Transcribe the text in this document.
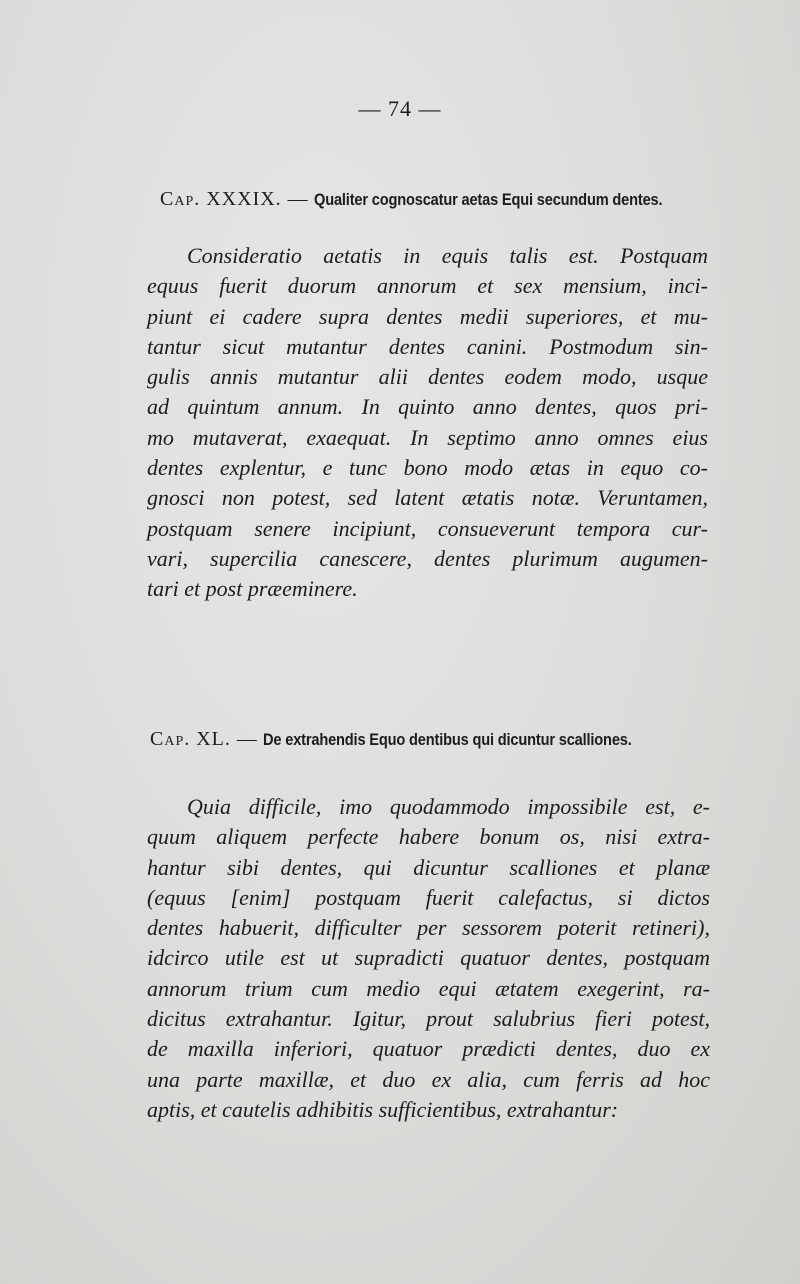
— 74 —
Cap. XXXIX. — Qualiter cognoscatur aetas Equi secundum dentes.
Consideratio aetatis in equis talis est. Postquam
equus fuerit duorum annorum et sex mensium, inci-
piunt ei cadere supra dentes medii superiores, et mu-
tantur sicut mutantur dentes canini. Postmodum sin-
gulis annis mutantur alii dentes eodem modo, usque
ad quintum annum. In quinto anno dentes, quos pri-
mo mutaverat, exaequat. In septimo anno omnes eius
dentes explentur, e tunc bono modo ætas in equo co-
gnosci non potest, sed latent ætatis notæ. Veruntamen,
postquam senere incipiunt, consueverunt tempora cur-
vari, supercilia canescere, dentes plurimum augumen-
tari et post præeminere.
Cap. XL. — De extrahendis Equo dentibus qui dicuntur scalliones.
Quia difficile, imo quodammodo impossibile est, e-
quum aliquem perfecte habere bonum os, nisi extra-
hantur sibi dentes, qui dicuntur scalliones et planæ
(equus [enim] postquam fuerit calefactus, si dictos
dentes habuerit, difficulter per sessorem poterit retineri),
idcirco utile est ut supradicti quatuor dentes, postquam
annorum trium cum medio equi ætatem exegerint, ra-
dicitus extrahantur. Igitur, prout salubrius fieri potest,
de maxilla inferiori, quatuor prædicti dentes, duo ex
una parte maxillæ, et duo ex alia, cum ferris ad hoc
aptis, et cautelis adhibitis sufficientibus, extrahantur:
